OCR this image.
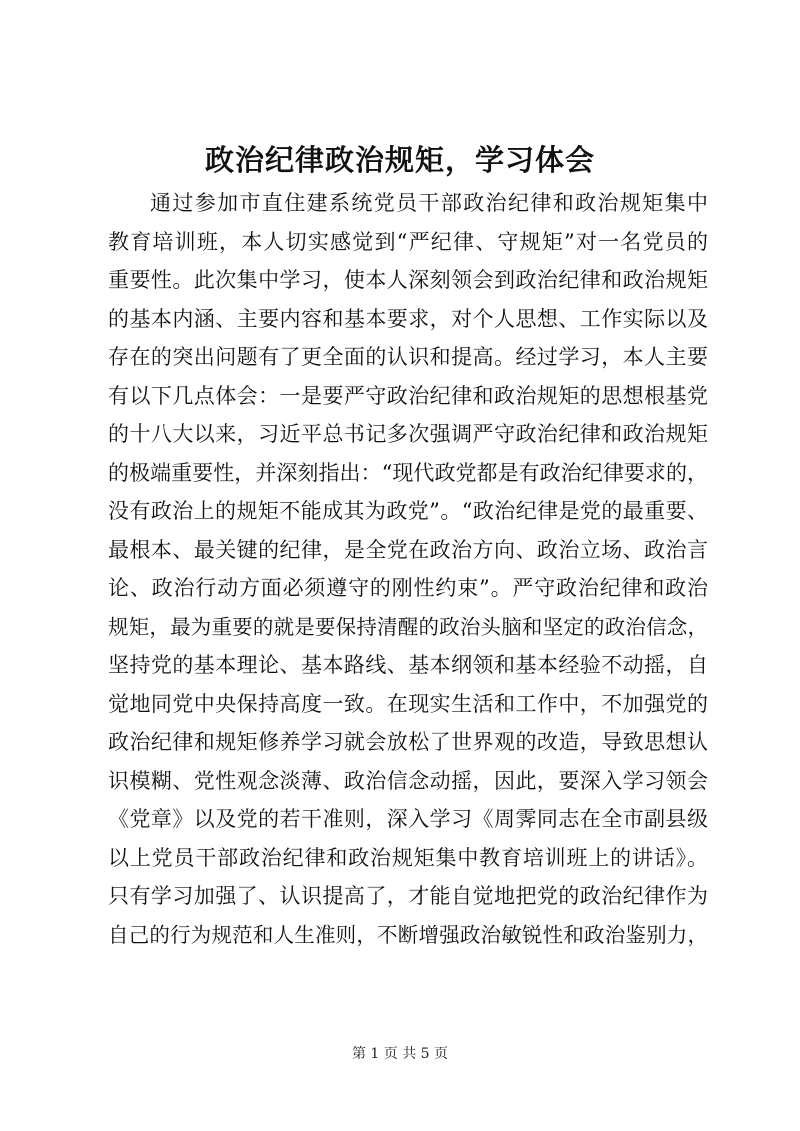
政治纪律政治规矩，学习体会
通过参加市直住建系统党员干部政治纪律和政治规矩集中
教育培训班，本人切实感觉到“严纪律、守规矩”对一名党员的
重要性。此次集中学习，使本人深刻领会到政治纪律和政治规矩
的基本内涵、主要内容和基本要求，对个人思想、工作实际以及
存在的突出问题有了更全面的认识和提高。经过学习，本人主要
有以下几点体会：一是要严守政治纪律和政治规矩的思想根基党
的十八大以来，习近平总书记多次强调严守政治纪律和政治规矩
的极端重要性，并深刻指出：“现代政党都是有政治纪律要求的，
没有政治上的规矩不能成其为政党”。“政治纪律是党的最重要、
最根本、最关键的纪律，是全党在政治方向、政治立场、政治言
论、政治行动方面必须遵守的刚性约束”。严守政治纪律和政治
规矩，最为重要的就是要保持清醒的政治头脑和坚定的政治信念，
坚持党的基本理论、基本路线、基本纲领和基本经验不动摇，自
觉地同党中央保持高度一致。在现实生活和工作中，不加强党的
政治纪律和规矩修养学习就会放松了世界观的改造，导致思想认
识模糊、党性观念淡薄、政治信念动摇，因此，要深入学习领会
《党章》以及党的若干准则，深入学习《周霁同志在全市副县级
以上党员干部政治纪律和政治规矩集中教育培训班上的讲话》。
只有学习加强了、认识提高了，才能自觉地把党的政治纪律作为
自己的行为规范和人生准则，不断增强政治敏锐性和政治鉴别力，
第 1 页 共 5 页
